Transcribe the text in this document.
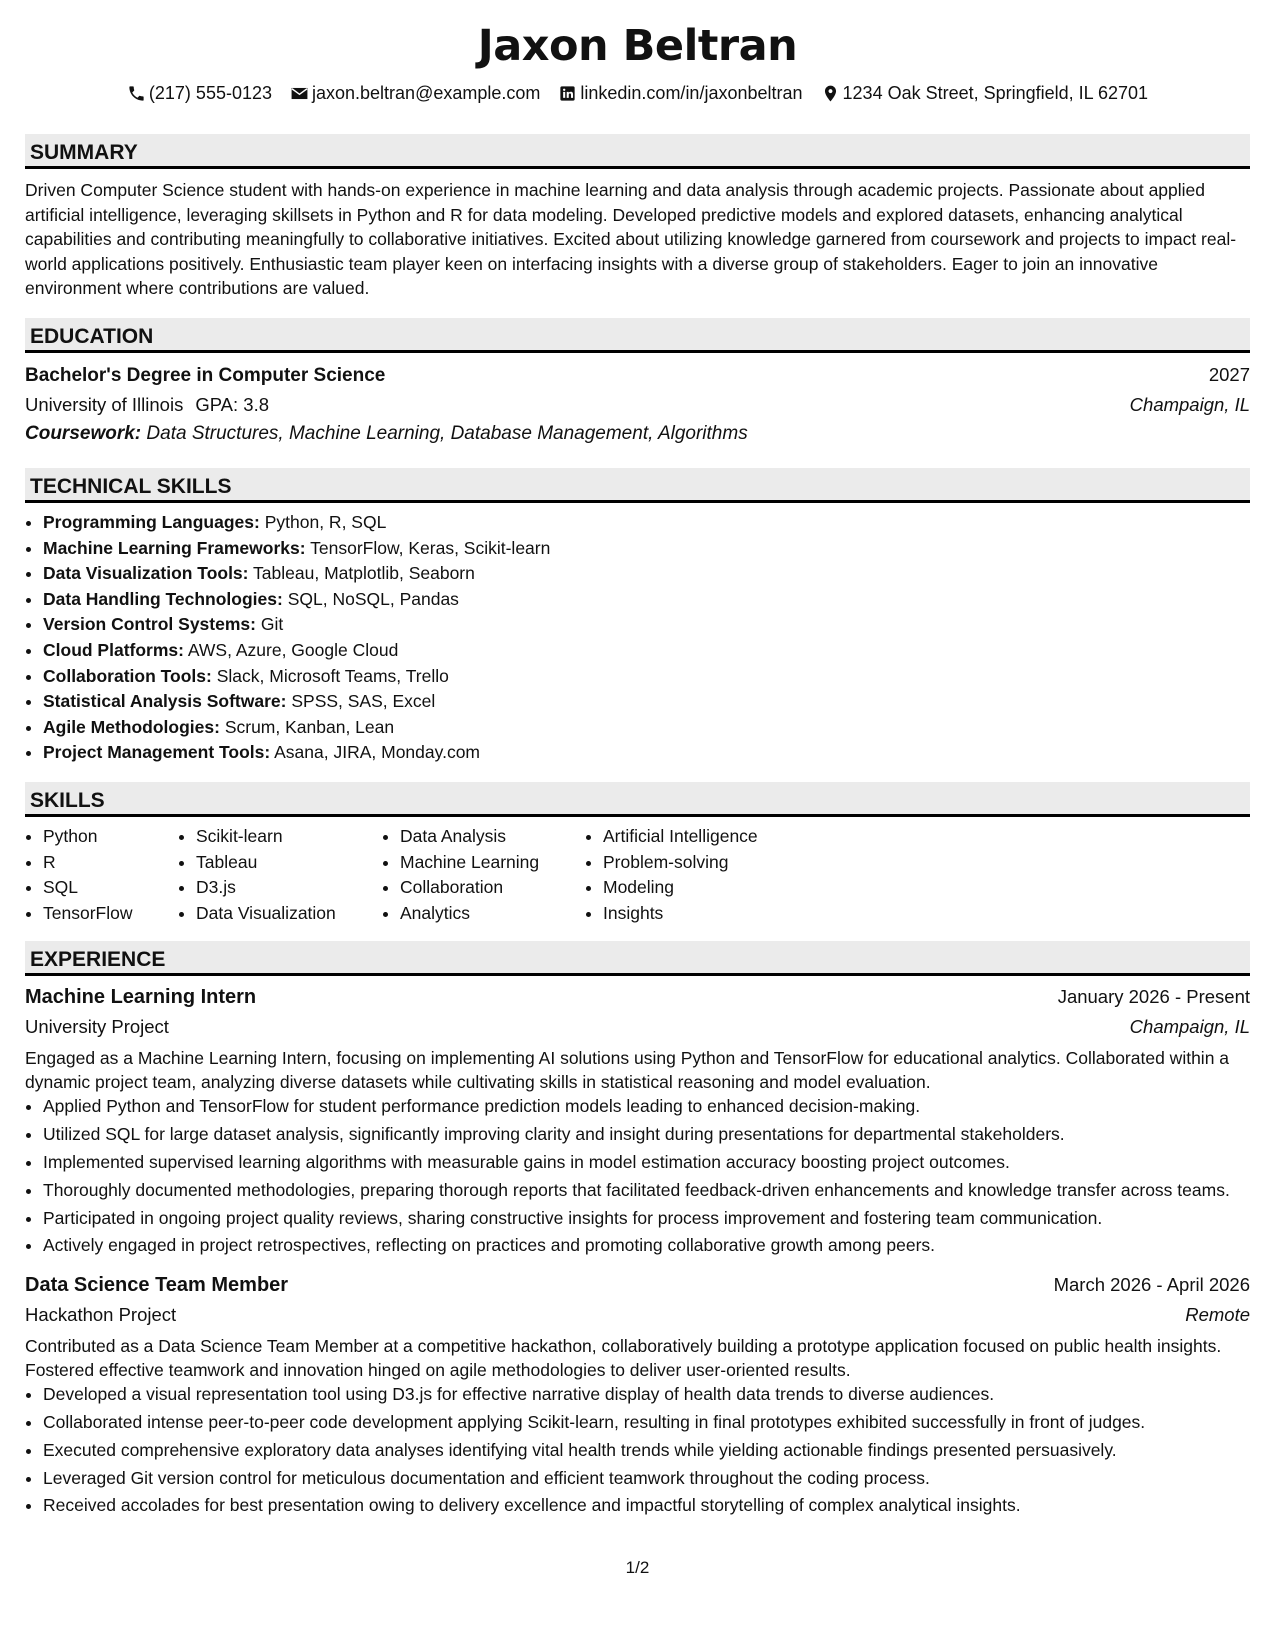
Jaxon Beltran
(217) 555-0123 jaxon.beltran@example.com linkedin.com/in/jaxonbeltran 1234 Oak Street, Springfield, IL 62701
SUMMARY
Driven Computer Science student with hands-on experience in machine learning and data analysis through academic projects. Passionate about applied artificial intelligence, leveraging skillsets in Python and R for data modeling. Developed predictive models and explored datasets, enhancing analytical capabilities and contributing meaningfully to collaborative initiatives. Excited about utilizing knowledge garnered from coursework and projects to impact real-world applications positively. Enthusiastic team player keen on interfacing insights with a diverse group of stakeholders. Eager to join an innovative environment where contributions are valued.
EDUCATION
Bachelor's Degree in Computer Science	2027
University of Illinois GPA: 3.8	Champaign, IL
Coursework: Data Structures, Machine Learning, Database Management, Algorithms
TECHNICAL SKILLS
• Programming Languages: Python, R, SQL
• Machine Learning Frameworks: TensorFlow, Keras, Scikit-learn
• Data Visualization Tools: Tableau, Matplotlib, Seaborn
• Data Handling Technologies: SQL, NoSQL, Pandas
• Version Control Systems: Git
• Cloud Platforms: AWS, Azure, Google Cloud
• Collaboration Tools: Slack, Microsoft Teams, Trello
• Statistical Analysis Software: SPSS, SAS, Excel
• Agile Methodologies: Scrum, Kanban, Lean
• Project Management Tools: Asana, JIRA, Monday.com
SKILLS
• Python
• R
• SQL
• TensorFlow
• Scikit-learn
• Tableau
• D3.js
• Data Visualization
• Data Analysis
• Machine Learning
• Collaboration
• Analytics
• Artificial Intelligence
• Problem-solving
• Modeling
• Insights
EXPERIENCE
Machine Learning Intern	January 2026 - Present
University Project	Champaign, IL
Engaged as a Machine Learning Intern, focusing on implementing AI solutions using Python and TensorFlow for educational analytics. Collaborated within a dynamic project team, analyzing diverse datasets while cultivating skills in statistical reasoning and model evaluation.
• Applied Python and TensorFlow for student performance prediction models leading to enhanced decision-making.
• Utilized SQL for large dataset analysis, significantly improving clarity and insight during presentations for departmental stakeholders.
• Implemented supervised learning algorithms with measurable gains in model estimation accuracy boosting project outcomes.
• Thoroughly documented methodologies, preparing thorough reports that facilitated feedback-driven enhancements and knowledge transfer across teams.
• Participated in ongoing project quality reviews, sharing constructive insights for process improvement and fostering team communication.
• Actively engaged in project retrospectives, reflecting on practices and promoting collaborative growth among peers.
Data Science Team Member	March 2026 - April 2026
Hackathon Project	Remote
Contributed as a Data Science Team Member at a competitive hackathon, collaboratively building a prototype application focused on public health insights. Fostered effective teamwork and innovation hinged on agile methodologies to deliver user-oriented results.
• Developed a visual representation tool using D3.js for effective narrative display of health data trends to diverse audiences.
• Collaborated intense peer-to-peer code development applying Scikit-learn, resulting in final prototypes exhibited successfully in front of judges.
• Executed comprehensive exploratory data analyses identifying vital health trends while yielding actionable findings presented persuasively.
• Leveraged Git version control for meticulous documentation and efficient teamwork throughout the coding process.
• Received accolades for best presentation owing to delivery excellence and impactful storytelling of complex analytical insights.
1/2
